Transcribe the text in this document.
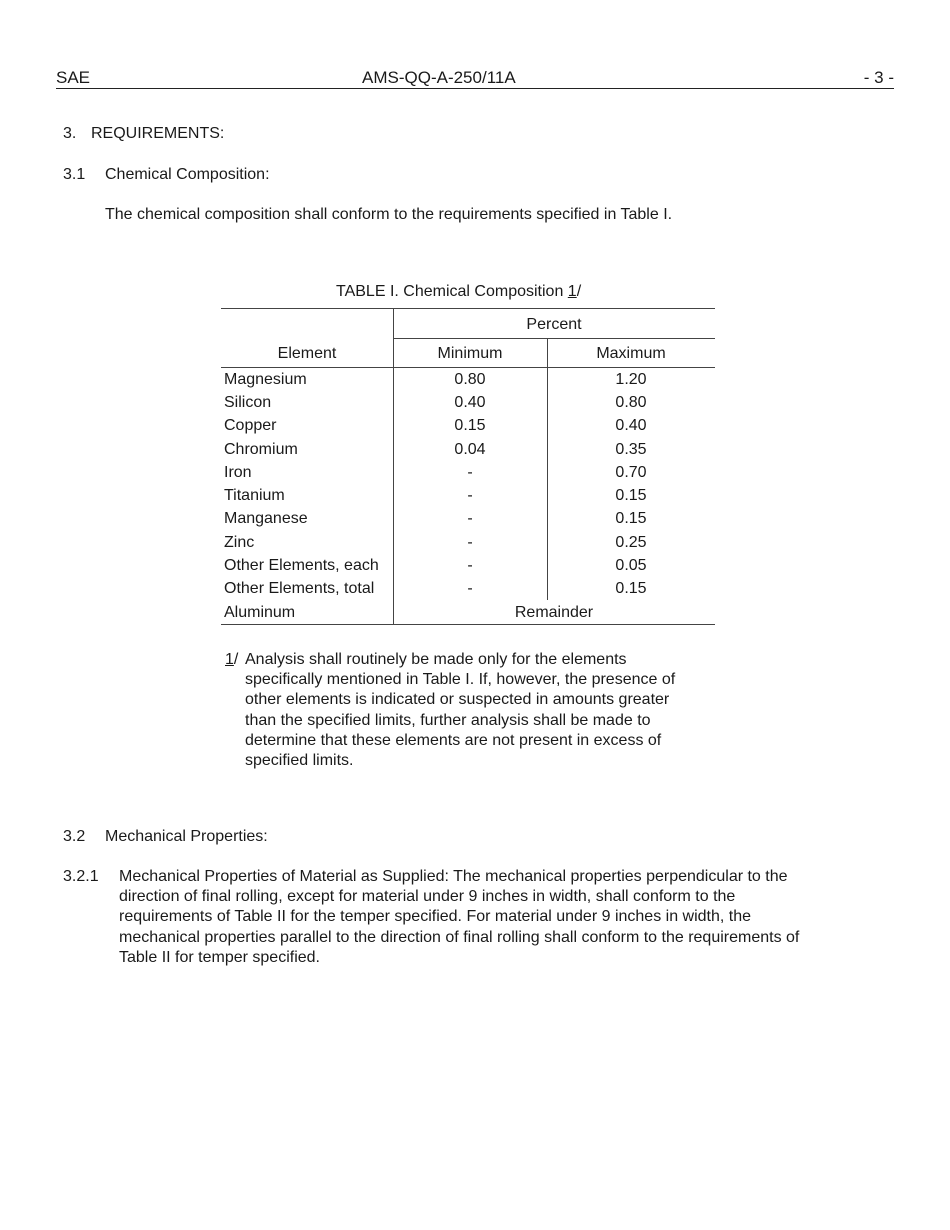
SAE	AMS-QQ-A-250/11A	- 3 -
3. REQUIREMENTS:
3.1 Chemical Composition:
The chemical composition shall conform to the requirements specified in Table I.
TABLE I. Chemical Composition 1/
Percent
Element	Minimum	Maximum
Magnesium	0.80	1.20
Silicon	0.40	0.80
Copper	0.15	0.40
Chromium	0.04	0.35
Iron	-	0.70
Titanium	-	0.15
Manganese	-	0.15
Zinc	-	0.25
Other Elements, each	-	0.05
Other Elements, total	-	0.15
Aluminum	Remainder
1/ Analysis shall routinely be made only for the elements
specifically mentioned in Table I. If, however, the presence of
other elements is indicated or suspected in amounts greater
than the specified limits, further analysis shall be made to
determine that these elements are not present in excess of
specified limits.
3.2 Mechanical Properties:
3.2.1 Mechanical Properties of Material as Supplied: The mechanical properties perpendicular to the
direction of final rolling, except for material under 9 inches in width, shall conform to the
requirements of Table II for the temper specified. For material under 9 inches in width, the
mechanical properties parallel to the direction of final rolling shall conform to the requirements of
Table II for temper specified.
